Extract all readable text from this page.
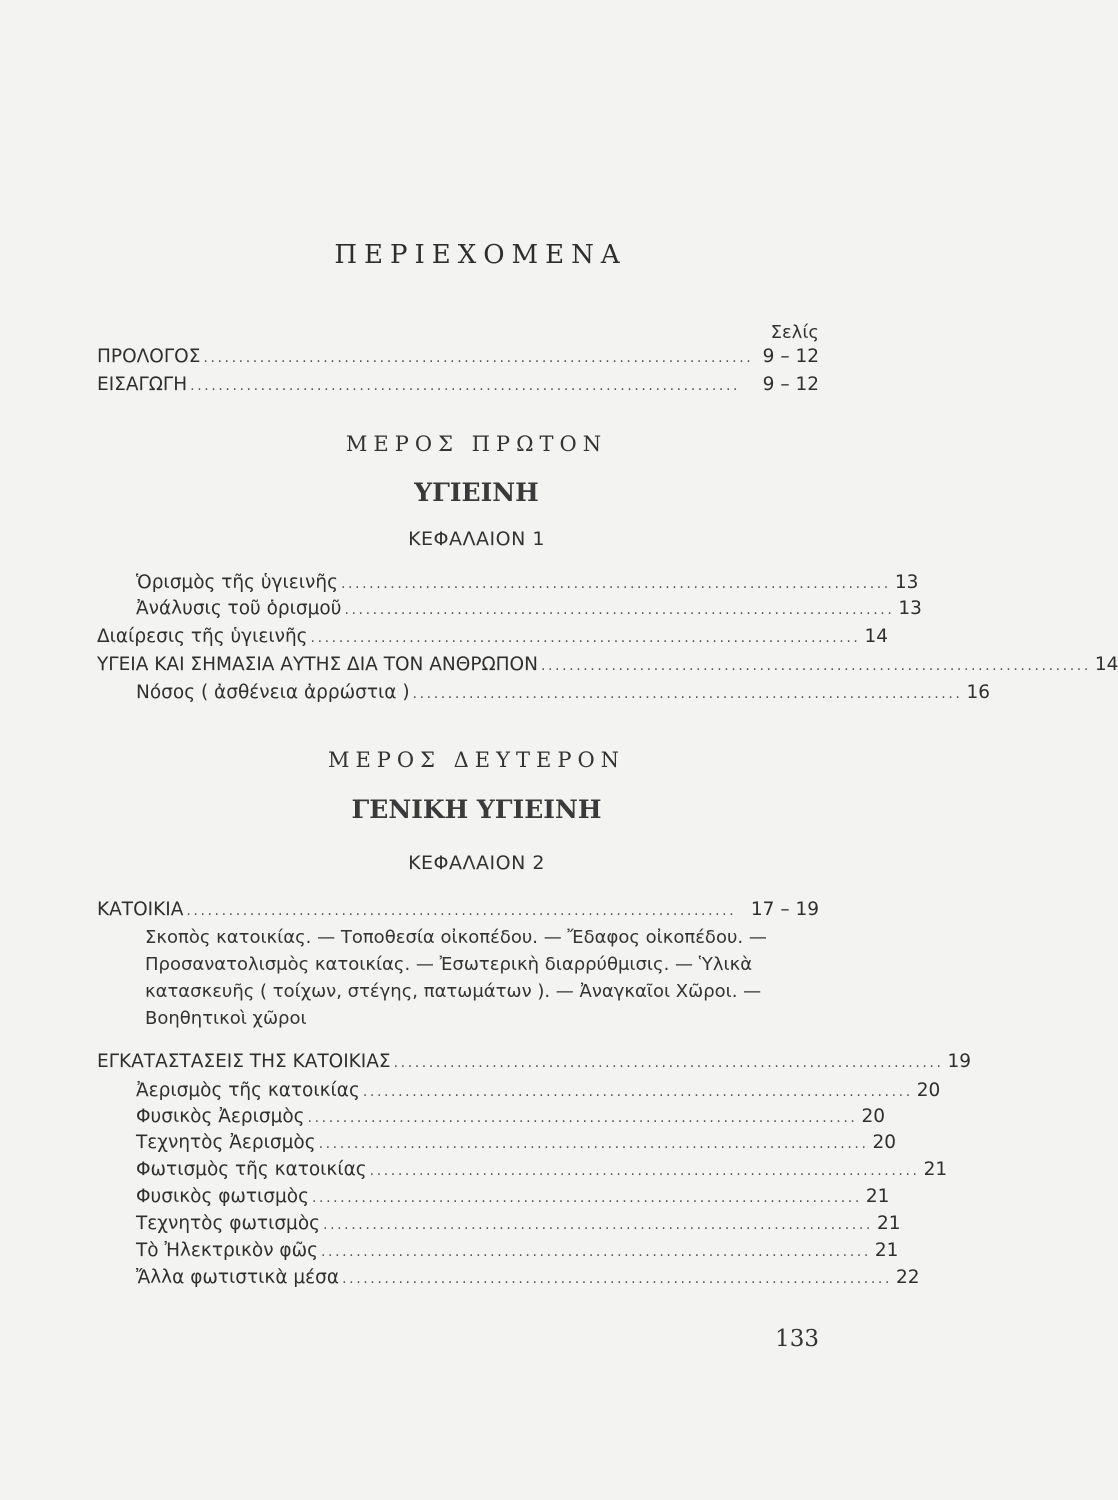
ΠΕΡΙΕΧΟΜΕΝΑ
Σελίς
ΠΡΟΛΟΓΟΣ .............................................................................. 9 – 12
ΕΙΣΑΓΩΓΗ ..............................................................................	9 – 12
ΜΕΡΟΣ ΠΡΩΤΟΝ
ΥΓΙΕΙΝΗ
ΚΕΦΑΛΑΙΟΝ 1
Ὁρισμὸς τῆς ὑγιεινῆς .............................................................................. 13
Ἀνάλυσις τοῦ ὁρισμοῦ .............................................................................. 13
Διαίρεσις τῆς ὑγιεινῆς .............................................................................. 14
ΥΓΕΙΑ ΚΑΙ ΣΗΜΑΣΙΑ ΑΥΤΗΣ ΔΙΑ ΤΟΝ ΑΝΘΡΩΠΟΝ .............................................................................. 14
Νόσος ( ἀσθένεια ἀρρώστια ) .............................................................................. 16
ΜΕΡΟΣ ΔΕΥΤΕΡΟΝ
ΓΕΝΙΚΗ ΥΓΙΕΙΝΗ
ΚΕΦΑΛΑΙΟΝ 2
ΚΑΤΟΙΚΙΑ .............................................................................. 17 – 19
Σκοπὸς κατοικίας. — Τοποθεσία οἰκοπέδου. — Ἔδαφος οἰκοπέδου. — Προσανατολισμὸς κατοικίας. — Ἐσωτερικὴ διαρρύθμισις. — Ὑλικὰ κατασκευῆς ( τοίχων, στέγης, πατωμάτων ). — Ἀναγκαῖοι Χῶροι. — Βοηθητικοὶ χῶροι
ΕΓΚΑΤΑΣΤΑΣΕΙΣ ΤΗΣ ΚΑΤΟΙΚΙΑΣ .............................................................................. 19
Ἀερισμὸς τῆς κατοικίας .............................................................................. 20
Φυσικὸς Ἀερισμὸς .............................................................................. 20
Τεχνητὸς Ἀερισμὸς .............................................................................. 20
Φωτισμὸς τῆς κατοικίας .............................................................................. 21
Φυσικὸς φωτισμὸς .............................................................................. 21
Τεχνητὸς φωτισμὸς .............................................................................. 21
Τὸ Ἠλεκτρικὸν φῶς .............................................................................. 21
Ἄλλα φωτιστικὰ μέσα .............................................................................. 22
133
